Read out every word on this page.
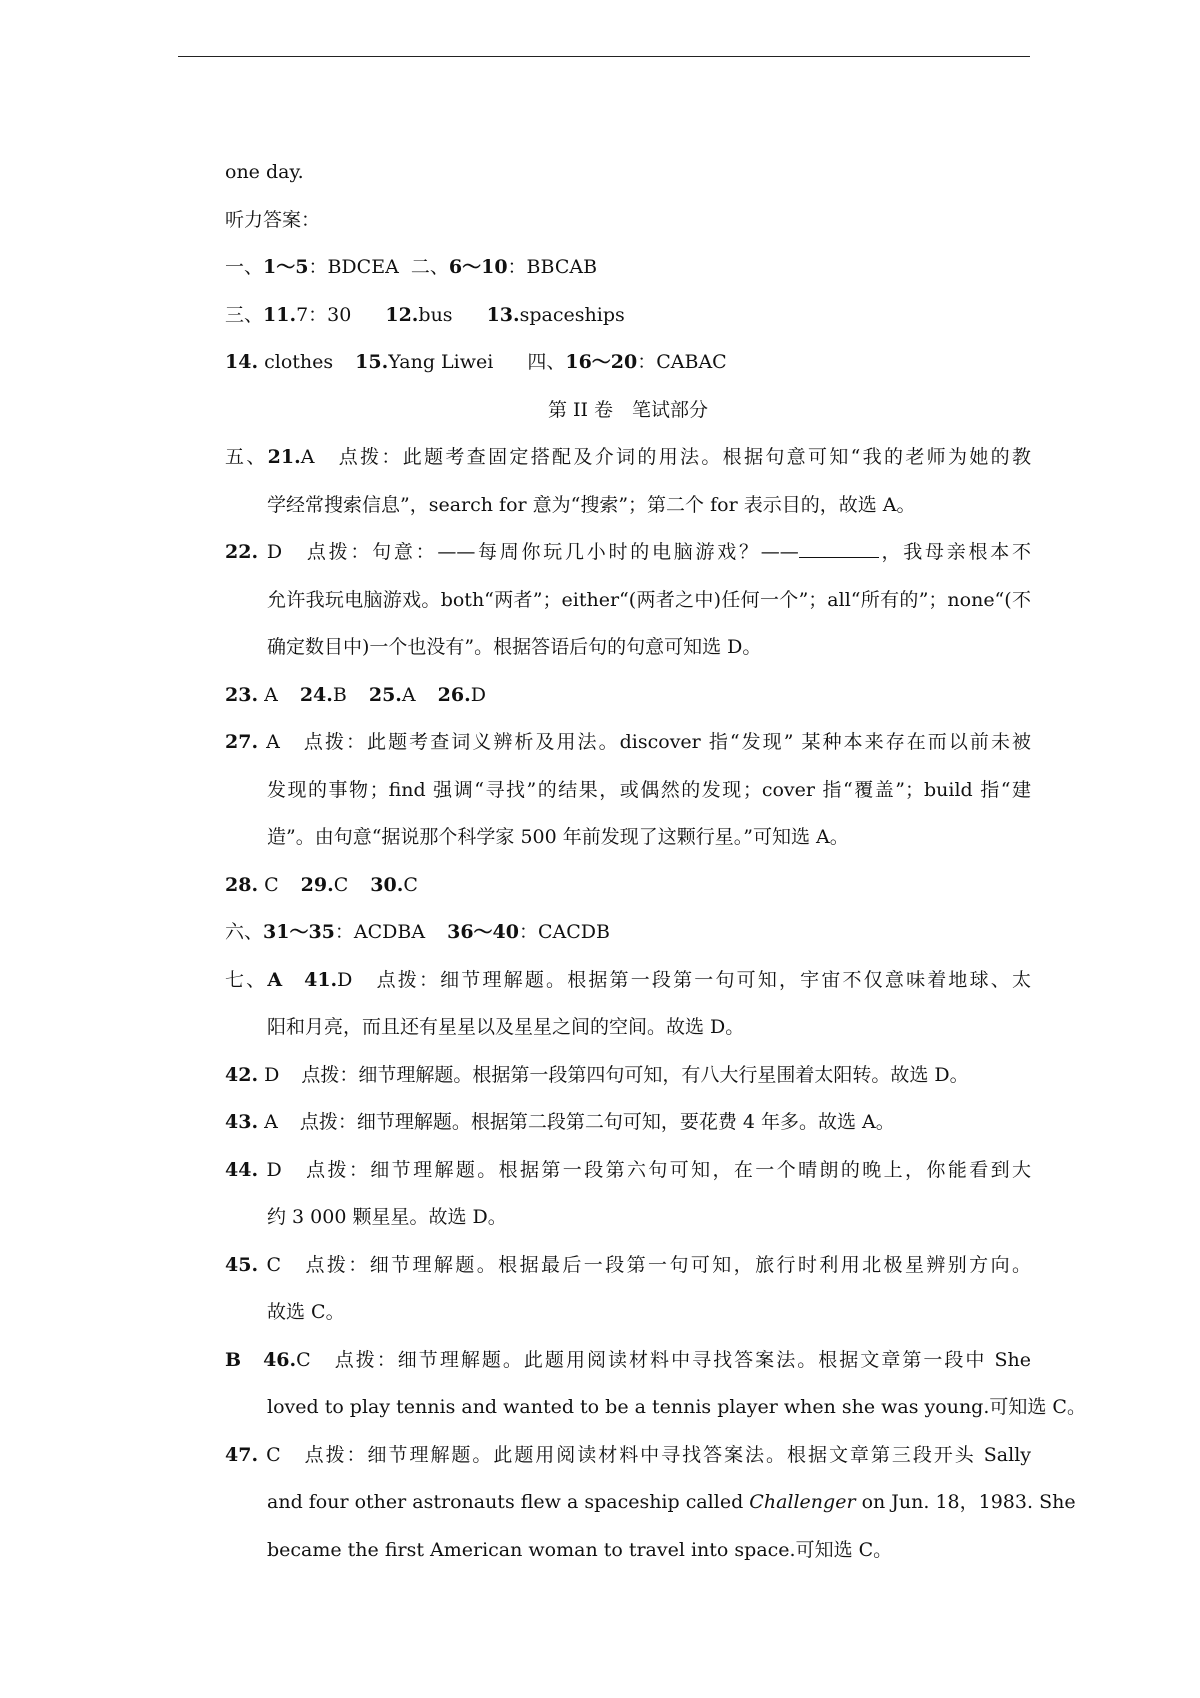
one day.
听力答案：
一、1～5：BDCEA  二、6～10：BBCAB
三、11.7：30 12.bus 13.spaceships
14. clothes 15.Yang Liwei 四、16～20：CABAC
第 II 卷　笔试部分
五、21.A 点拨：此题考查固定搭配及介词的用法。根据句意可知“我的老师为她的教
学经常搜索信息”，search for 意为“搜索”；第二个 for 表示目的，故选 A。
22. D 点拨：句意：——每周你玩几小时的电脑游戏？——	，我母亲根本不
允许我玩电脑游戏。both“两者”；either“(两者之中)任何一个”；all“所有的”；none“(不
确定数目中)一个也没有”。根据答语后句的句意可知选 D。
23. A 24.B 25.A 26.D
27. A 点拨：此题考查词义辨析及用法。discover 指“发现” 某种本来存在而以前未被
发现的事物；find 强调“寻找”的结果，或偶然的发现；cover 指“覆盖”；build 指“建
造”。由句意“据说那个科学家 500 年前发现了这颗行星。”可知选 A。
28. C 29.C 30.C
六、31～35：ACDBA 36～40：CACDB
七、A 41.D 点拨：细节理解题。根据第一段第一句可知，宇宙不仅意味着地球、太
阳和月亮，而且还有星星以及星星之间的空间。故选 D。
42. D 点拨：细节理解题。根据第一段第四句可知，有八大行星围着太阳转。故选 D。
43. A 点拨：细节理解题。根据第二段第二句可知，要花费 4 年多。故选 A。
44. D 点拨：细节理解题。根据第一段第六句可知，在一个晴朗的晚上，你能看到大
约 3 000 颗星星。故选 D。
45. C 点拨：细节理解题。根据最后一段第一句可知，旅行时利用北极星辨别方向。
故选 C。
B 46.C 点拨：细节理解题。此题用阅读材料中寻找答案法。根据文章第一段中 She
loved to play tennis and wanted to be a tennis player when she was young.可知选 C。
47. C 点拨：细节理解题。此题用阅读材料中寻找答案法。根据文章第三段开头 Sally
and four other astronauts flew a spaceship called Challenger on Jun. 18，1983. She
became the first American woman to travel into space.可知选 C。
